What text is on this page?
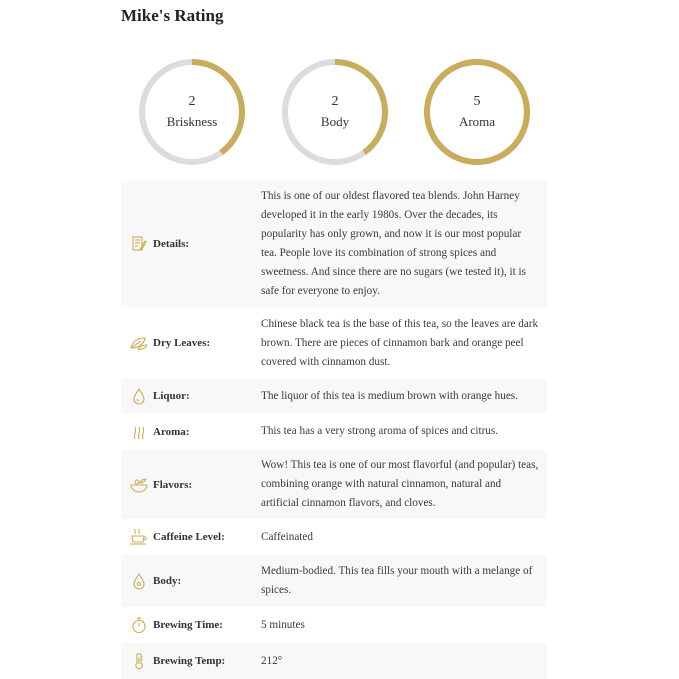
Mike's Rating
2
Briskness
2
Body
5
Aroma
Details:	This is one of our oldest flavored tea blends. John Harney developed it in the early 1980s. Over the decades, its popularity has only grown, and now it is our most popular tea. People love its combination of strong spices and sweetness. And since there are no sugars (we tested it), it is safe for everyone to enjoy.

Dry Leaves:	Chinese black tea is the base of this tea, so the leaves are dark brown. There are pieces of cinnamon bark and orange peel covered with cinnamon dust.

Liquor:	The liquor of this tea is medium brown with orange hues.

Aroma:	This tea has a very strong aroma of spices and citrus.

Flavors:	Wow! This tea is one of our most flavorful (and popular) teas, combining orange with natural cinnamon, natural and artificial cinnamon flavors, and cloves.

Caffeine Level:	Caffeinated

Body:	Medium-bodied. This tea fills your mouth with a melange of spices.

Brewing Time:	5 minutes

Brewing Temp:	212°
